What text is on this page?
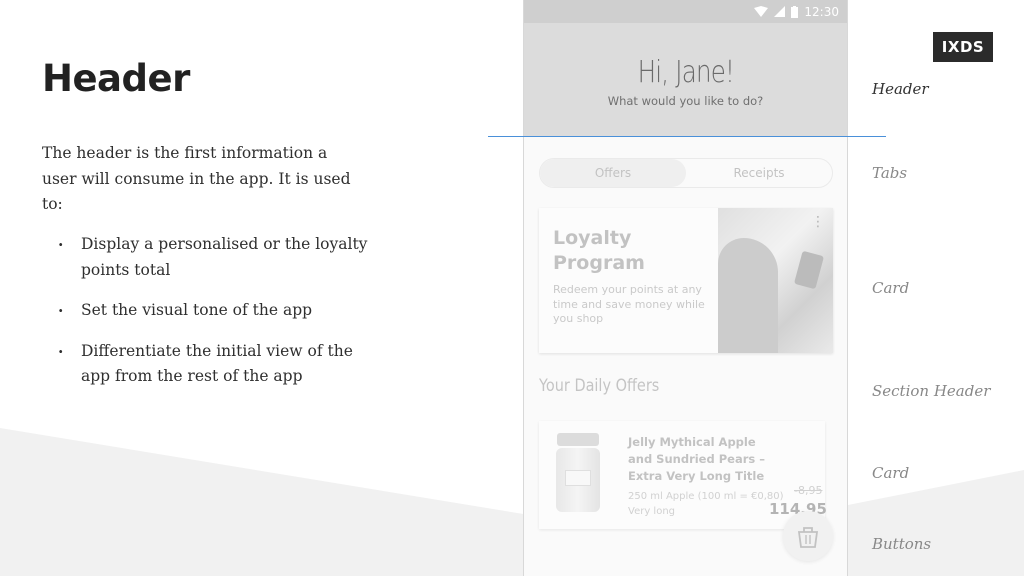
Header
The header is the first information a user will consume in the app. It is used to:
· Display a personalised or the loyalty points total
· Set the visual tone of the app
· Differentiate the initial view of the app from the rest of the app
12:30
Hi, Jane!
What would you like to do?
Offers	Receipts
Loyalty Program
Redeem your points at any time and save money while you shop
⋮
Your Daily Offers
Jelly Mythical Apple and Sundried Pears – Extra Very Long Title
250 ml Apple (100 ml = €0,80)
Very long
-8,95
114,95
IXDS
Header
Tabs
Card
Section Header
Card
Buttons
